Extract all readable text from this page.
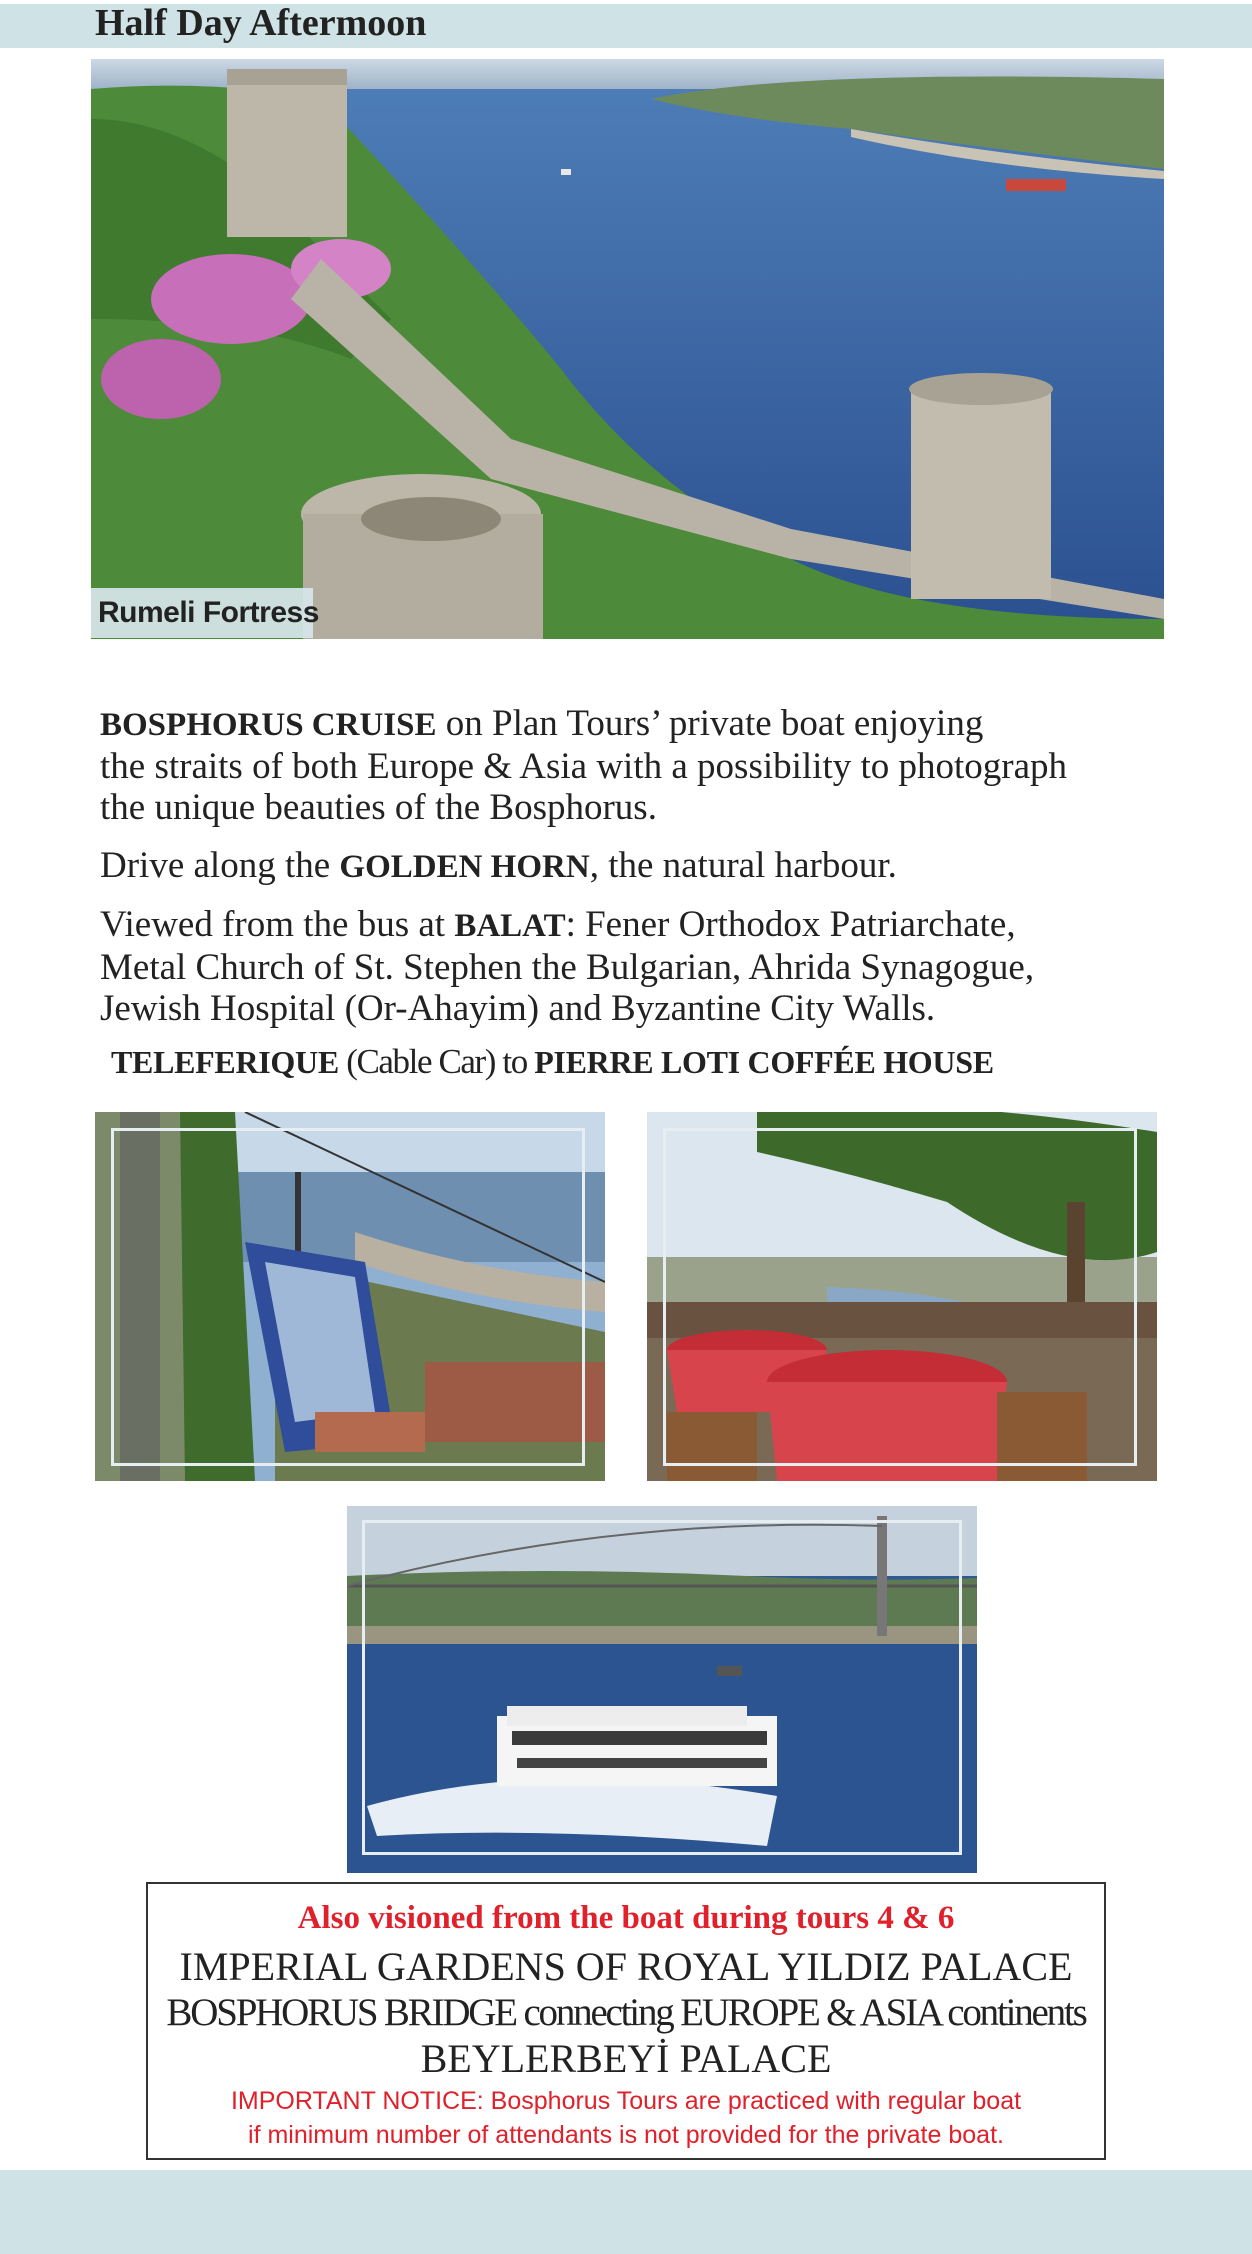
Half Day Aftermoon
Rumeli Fortress
BOSPHORUS CRUISE on Plan Tours’ private boat enjoying
the straits of both Europe & Asia with a possibility to photograph
the unique beauties of the Bosphorus.
Drive along the GOLDEN HORN, the natural harbour.
Viewed from the bus at BALAT: Fener Orthodox Patriarchate,
Metal Church of St. Stephen the Bulgarian, Ahrida Synagogue,
Jewish Hospital (Or-Ahayim) and Byzantine City Walls.
TELEFERIQUE (Cable Car) to PIERRE LOTI COFFÉE HOUSE
Also visioned from the boat during tours 4 & 6
IMPERIAL GARDENS OF ROYAL YILDIZ PALACE
BOSPHORUS BRIDGE connecting EUROPE & ASIA continents
BEYLERBEYİ PALACE
IMPORTANT NOTICE: Bosphorus Tours are practiced with regular boat
if minimum number of attendants is not provided for the private boat.
